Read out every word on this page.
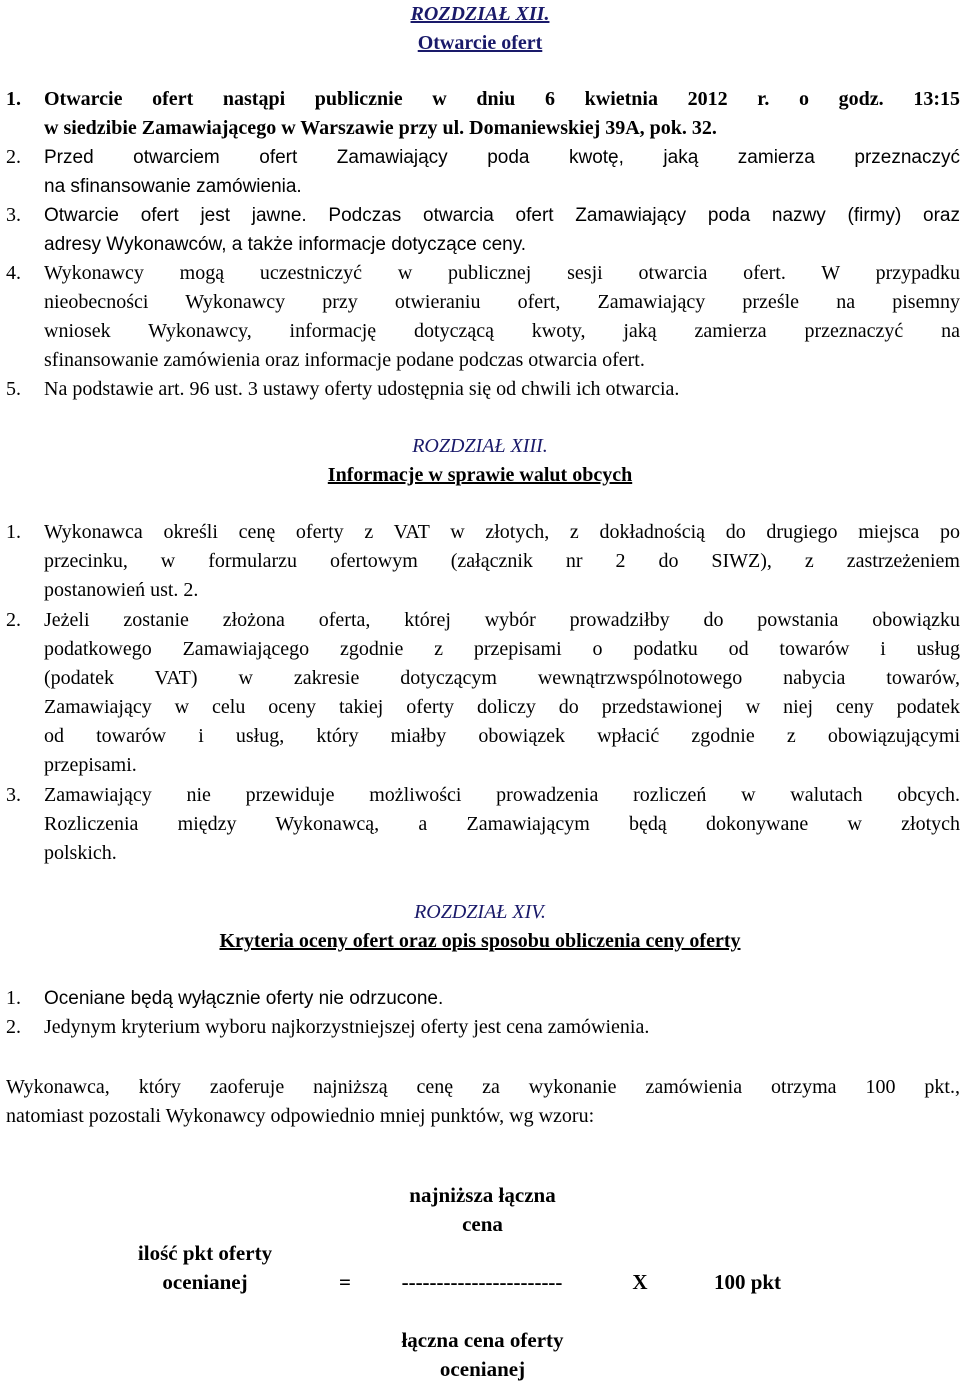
ROZDZIAŁ XII.
Otwarcie ofert
1. Otwarcie ofert nastąpi publicznie w dniu 6 kwietnia 2012 r. o godz. 13:15
w siedzibie Zamawiającego w Warszawie przy ul. Domaniewskiej 39A, pok. 32.
2. Przed otwarciem ofert Zamawiający poda kwotę, jaką zamierza przeznaczyć
na sfinansowanie zamówienia.
3. Otwarcie ofert jest jawne. Podczas otwarcia ofert Zamawiający poda nazwy (firmy) oraz
adresy Wykonawców, a także informacje dotyczące ceny.
4. Wykonawcy mogą uczestniczyć w publicznej sesji otwarcia ofert. W przypadku
nieobecności Wykonawcy przy otwieraniu ofert, Zamawiający prześle na pisemny
wniosek Wykonawcy, informację dotyczącą kwoty, jaką zamierza przeznaczyć na
sfinansowanie zamówienia oraz informacje podane podczas otwarcia ofert.
5. Na podstawie art. 96 ust. 3 ustawy oferty udostępnia się od chwili ich otwarcia.
ROZDZIAŁ XIII.
Informacje w sprawie walut obcych
1. Wykonawca określi cenę oferty z VAT w złotych, z dokładnością do drugiego miejsca po
przecinku, w formularzu ofertowym (załącznik nr 2 do SIWZ), z zastrzeżeniem
postanowień ust. 2.
2. Jeżeli zostanie złożona oferta, której wybór prowadziłby do powstania obowiązku
podatkowego Zamawiającego zgodnie z przepisami o podatku od towarów i usług
(podatek VAT) w zakresie dotyczącym wewnątrzwspólnotowego nabycia towarów,
Zamawiający w celu oceny takiej oferty doliczy do przedstawionej w niej ceny podatek
od towarów i usług, który miałby obowiązek wpłacić zgodnie z obowiązującymi
przepisami.
3. Zamawiający nie przewiduje możliwości prowadzenia rozliczeń w walutach obcych.
Rozliczenia między Wykonawcą, a Zamawiającym będą dokonywane w złotych
polskich.
ROZDZIAŁ XIV.
Kryteria oceny ofert oraz opis sposobu obliczenia ceny oferty
1. Oceniane będą wyłącznie oferty nie odrzucone.
2. Jedynym kryterium wyboru najkorzystniejszej oferty jest cena zamówienia.
Wykonawca, który zaoferuje najniższą cenę za wykonanie zamówienia otrzyma 100 pkt.,
natomiast pozostali Wykonawcy odpowiednio mniej punktów, wg wzoru:
najniższa łączna
cena
ilość pkt oferty
ocenianej	=	-----------------------	X	100 pkt
łączna cena oferty
ocenianej
